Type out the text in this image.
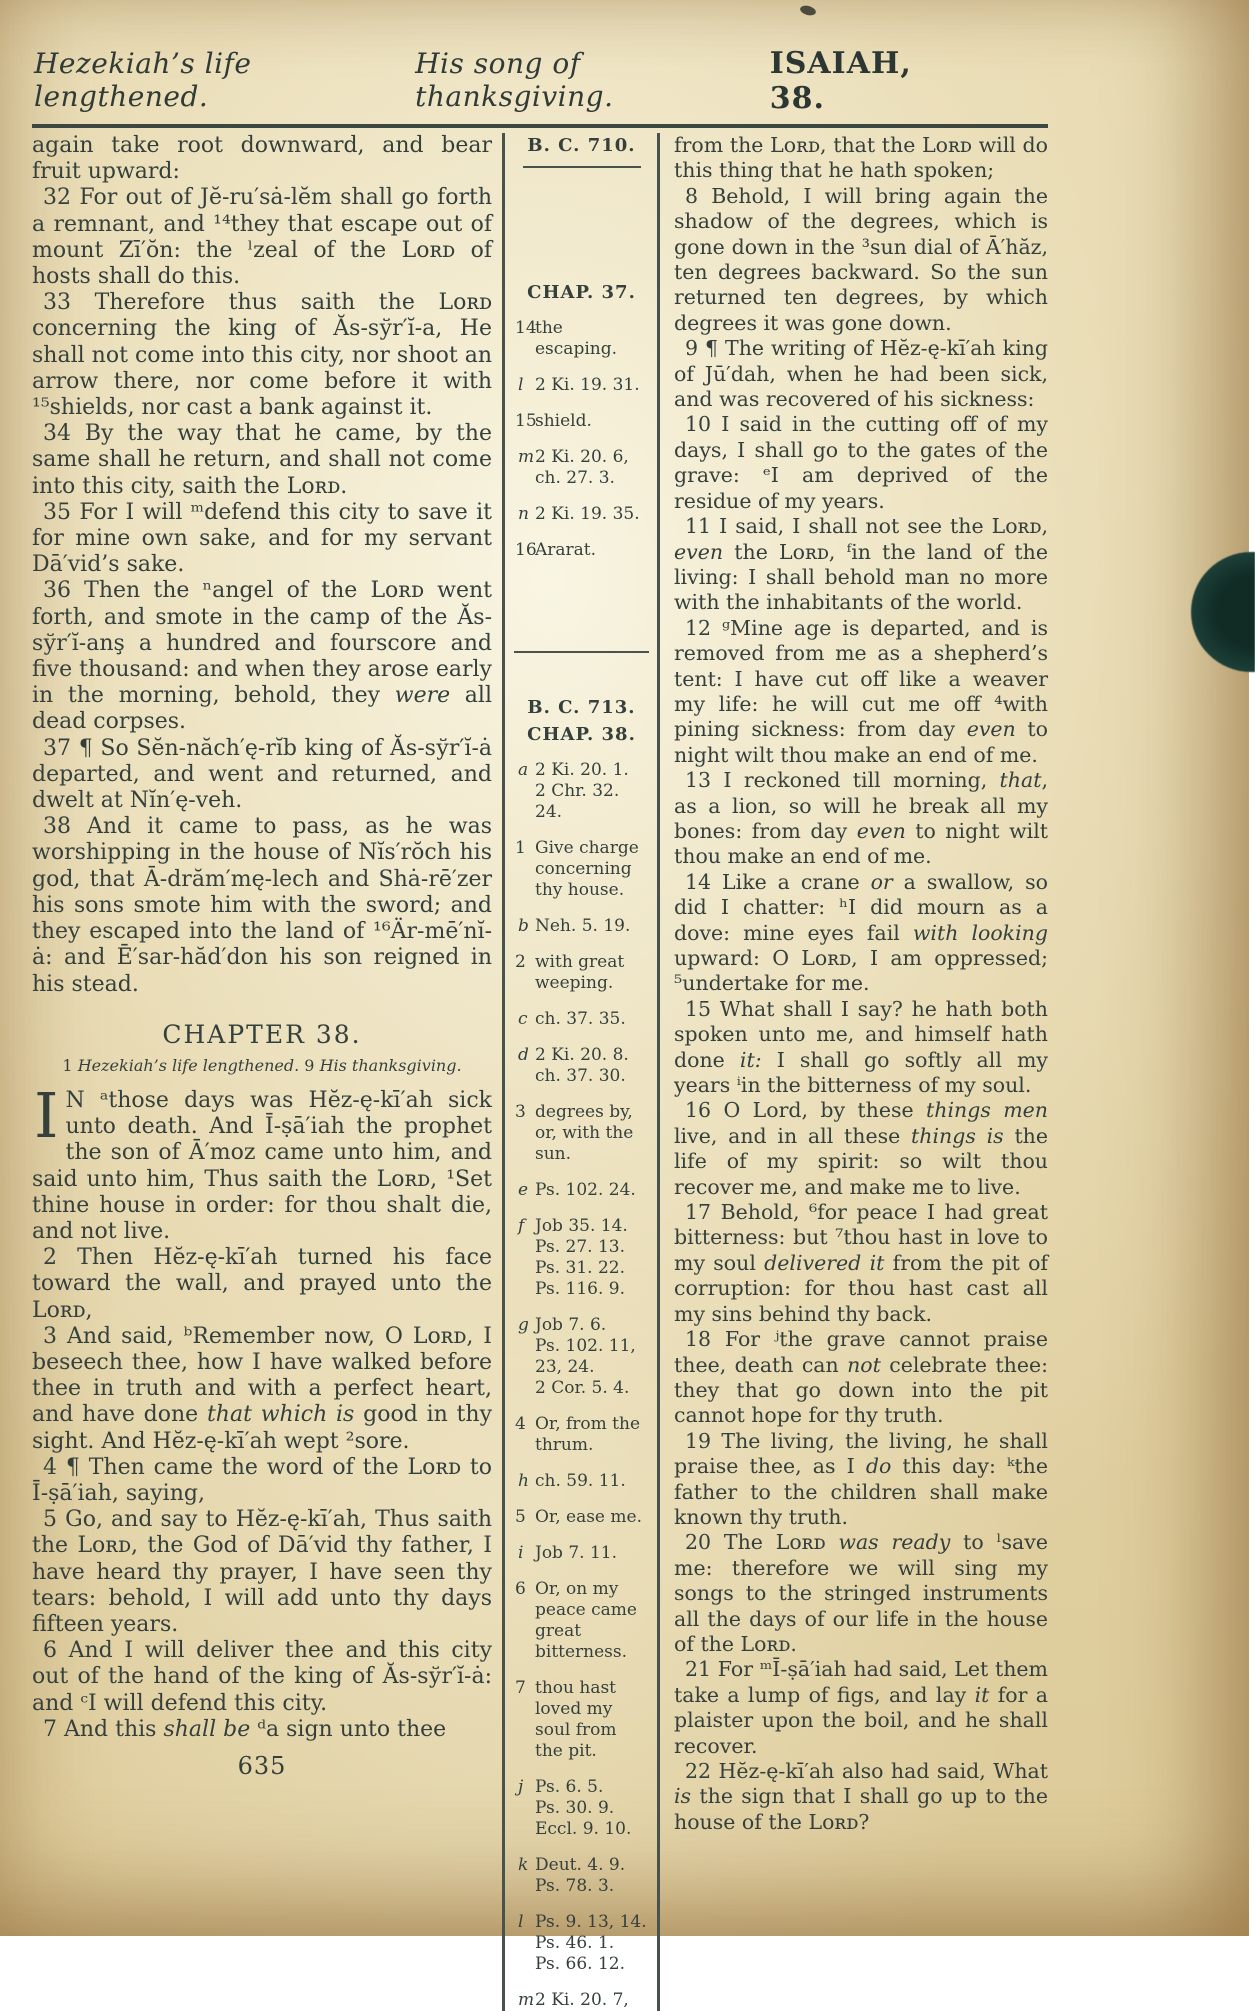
Hezekiah’s life lengthened.
His song of thanksgiving.
ISAIAH, 38.

again take root downward, and bear fruit upward:

32 For out of Jĕ-ru′sȧ-lĕm shall go forth a remnant, and ¹⁴they that escape out of mount Zī′ŏn: the ˡzeal of the Lᴏʀᴅ of hosts shall do this.

33 Therefore thus saith the Lᴏʀᴅ concerning the king of Ăs-sўr′ĭ-a, He shall not come into this city, nor shoot an arrow there, nor come before it with ¹⁵shields, nor cast a bank against it.

34 By the way that he came, by the same shall he return, and shall not come into this city, saith the Lᴏʀᴅ.

35 For I will ᵐdefend this city to save it for mine own sake, and for my servant Dā′vid’s sake.

36 Then the ⁿangel of the Lᴏʀᴅ went forth, and smote in the camp of the Ăs-sўr′ĭ-anş a hundred and fourscore and five thousand: and when they arose early in the morning, behold, they were all dead corpses.

37 ¶ So Sĕn-năch′ę-rĭb king of Ăs-sўr′ĭ-ȧ departed, and went and returned, and dwelt at Nĭn′ę-veh.

38 And it came to pass, as he was worshipping in the house of Nĭs′rŏch his god, that Ā-drăm′mę-lech and Shȧ-rē′zer his sons smote him with the sword; and they escaped into the land of ¹⁶Är-mē′nĭ-ȧ: and Ē′sar-hăd′don his son reigned in his stead.

CHAPTER 38.
1 Hezekiah’s life lengthened. 9 His thanksgiving.

I N ᵃthose days was Hĕz-ę-kī′ah sick unto death. And Ī-ṣā′iah the prophet the son of Ā′moz came unto him, and said unto him, Thus saith the Lᴏʀᴅ, ¹Set thine house in order: for thou shalt die, and not live.

2 Then Hĕz-ę-kī′ah turned his face toward the wall, and prayed unto the Lᴏʀᴅ,

3 And said, ᵇRemember now, O Lᴏʀᴅ, I beseech thee, how I have walked before thee in truth and with a perfect heart, and have done that which is good in thy sight. And Hĕz-ę-kī′ah wept ²sore.

4 ¶ Then came the word of the Lᴏʀᴅ to Ī-ṣā′iah, saying,

5 Go, and say to Hĕz-ę-kī′ah, Thus saith the Lᴏʀᴅ, the God of Dā′vid thy father, I have heard thy prayer, I have seen thy tears: behold, I will add unto thy days fifteen years.

6 And I will deliver thee and this city out of the hand of the king of Ăs-sўr′ĭ-ȧ: and ᶜI will defend this city.

7 And this shall be ᵈa sign unto thee

635
B. C. 710.
CHAP. 37.
14
the escaping.
l 2 Ki. 19. 31.
15
shield.
m 2 Ki. 20. 6,
ch. 27. 3.
n 2 Ki. 19. 35.
16
Ararat.
B. C. 713.
CHAP. 38.
a 2 Ki. 20. 1.
2 Chr. 32. 24.
1 Give charge concerning thy house.
b Neh. 5. 19.
2 with great weeping.
c ch. 37. 35.
d 2 Ki. 20. 8.
ch. 37. 30.
3 degrees by, or, with the sun.
e Ps. 102. 24.
f Job 35. 14.
Ps. 27. 13.
Ps. 31. 22.
Ps. 116. 9.
g Job 7. 6.
Ps. 102. 11, 23, 24.
2 Cor. 5. 4.
4 Or, from the thrum.
h ch. 59. 11.
5 Or, ease me.
i Job 7. 11.
6 Or, on my peace came great bitterness.
7 thou hast loved my soul from the pit.
j Ps. 6. 5.
Ps. 30. 9.
Eccl. 9. 10.
k Deut. 4. 9.
Ps. 78. 3.
l Ps. 9. 13, 14.
Ps. 46. 1.
Ps. 66. 12.
m 2 Ki. 20. 7,

from the Lᴏʀᴅ, that the Lᴏʀᴅ will do this thing that he hath spoken;

8 Behold, I will bring again the shadow of the degrees, which is gone down in the ³sun dial of Ā′hăz, ten degrees backward. So the sun returned ten degrees, by which degrees it was gone down.

9 ¶ The writing of Hĕz-ę-kī′ah king of Jū′dah, when he had been sick, and was recovered of his sickness:

10 I said in the cutting off of my days, I shall go to the gates of the grave: ᵉI am deprived of the residue of my years.

11 I said, I shall not see the Lᴏʀᴅ, even the Lᴏʀᴅ, ᶠin the land of the living: I shall behold man no more with the inhabitants of the world.

12 ᵍMine age is departed, and is removed from me as a shepherd’s tent: I have cut off like a weaver my life: he will cut me off ⁴with pining sickness: from day even to night wilt thou make an end of me.

13 I reckoned till morning, that, as a lion, so will he break all my bones: from day even to night wilt thou make an end of me.

14 Like a crane or a swallow, so did I chatter: ʰI did mourn as a dove: mine eyes fail with looking upward: O Lᴏʀᴅ, I am oppressed; ⁵undertake for me.

15 What shall I say? he hath both spoken unto me, and himself hath done it: I shall go softly all my years ⁱin the bitterness of my soul.

16 O Lord, by these things men live, and in all these things is the life of my spirit: so wilt thou recover me, and make me to live.

17 Behold, ⁶for peace I had great bitterness: but ⁷thou hast in love to my soul delivered it from the pit of corruption: for thou hast cast all my sins behind thy back.

18 For ʲthe grave cannot praise thee, death can not celebrate thee: they that go down into the pit cannot hope for thy truth.

19 The living, the living, he shall praise thee, as I do this day: ᵏthe father to the children shall make known thy truth.

20 The Lᴏʀᴅ was ready to ˡsave me: therefore we will sing my songs to the stringed instruments all the days of our life in the house of the Lᴏʀᴅ.

21 For ᵐĪ-ṣā′iah had said, Let them take a lump of figs, and lay it for a plaister upon the boil, and he shall recover.

22 Hĕz-ę-kī′ah also had said, What is the sign that I shall go up to the house of the Lᴏʀᴅ?
